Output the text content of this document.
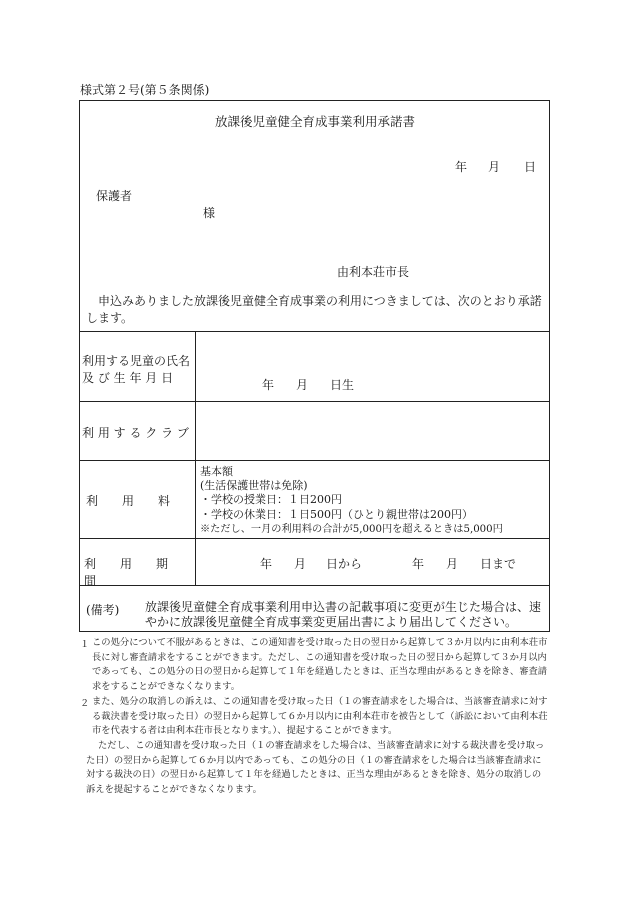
様式第２号(第５条関係)
放課後児童健全育成事業利用承諾書
年 月 日
保護者
様
由利本荘市長
申込みありました放課後児童健全育成事業の利用につきましては、次のとおり承諾します。
利用する児童の氏名
及 び 生 年 月 日	年 月 日生
利 用 す る ク ラ ブ
利　　用　　料
基本額
(生活保護世帯は免除)
・学校の授業日：１日200円
・学校の休業日：１日500円（ひとり親世帯は200円）
※ただし、一月の利用料の合計が5,000円を超えるときは5,000円
利　　用　　期　　間
年 月 日から	年 月 日まで
(備考) 放課後児童健全育成事業利用申込書の記載事項に変更が生じた場合は、速やかに放課後児童健全育成事業変更届出書により届出してください。
１ この処分について不服があるときは、この通知書を受け取った日の翌日から起算して３か月以内に由利本荘市長に対し審査請求をすることができます。ただし、この通知書を受け取った日の翌日から起算して３か月以内であっても、この処分の日の翌日から起算して１年を経過したときは、正当な理由があるときを除き、審査請求をすることができなくなります。
２ また、処分の取消しの訴えは、この通知書を受け取った日（１の審査請求をした場合は、当該審査請求に対する裁決書を受け取った日）の翌日から起算して６か月以内に由利本荘市を被告として（訴訟において由利本荘市を代表する者は由利本荘市長となります。）、提起することができます。
ただし、この通知書を受け取った日（１の審査請求をした場合は、当該審査請求に対する裁決書を受け取った日）の翌日から起算して６か月以内であっても、この処分の日（１の審査請求をした場合は当該審査請求に対する裁決の日）の翌日から起算して１年を経過したときは、正当な理由があるときを除き、処分の取消しの訴えを提起することができなくなります。
